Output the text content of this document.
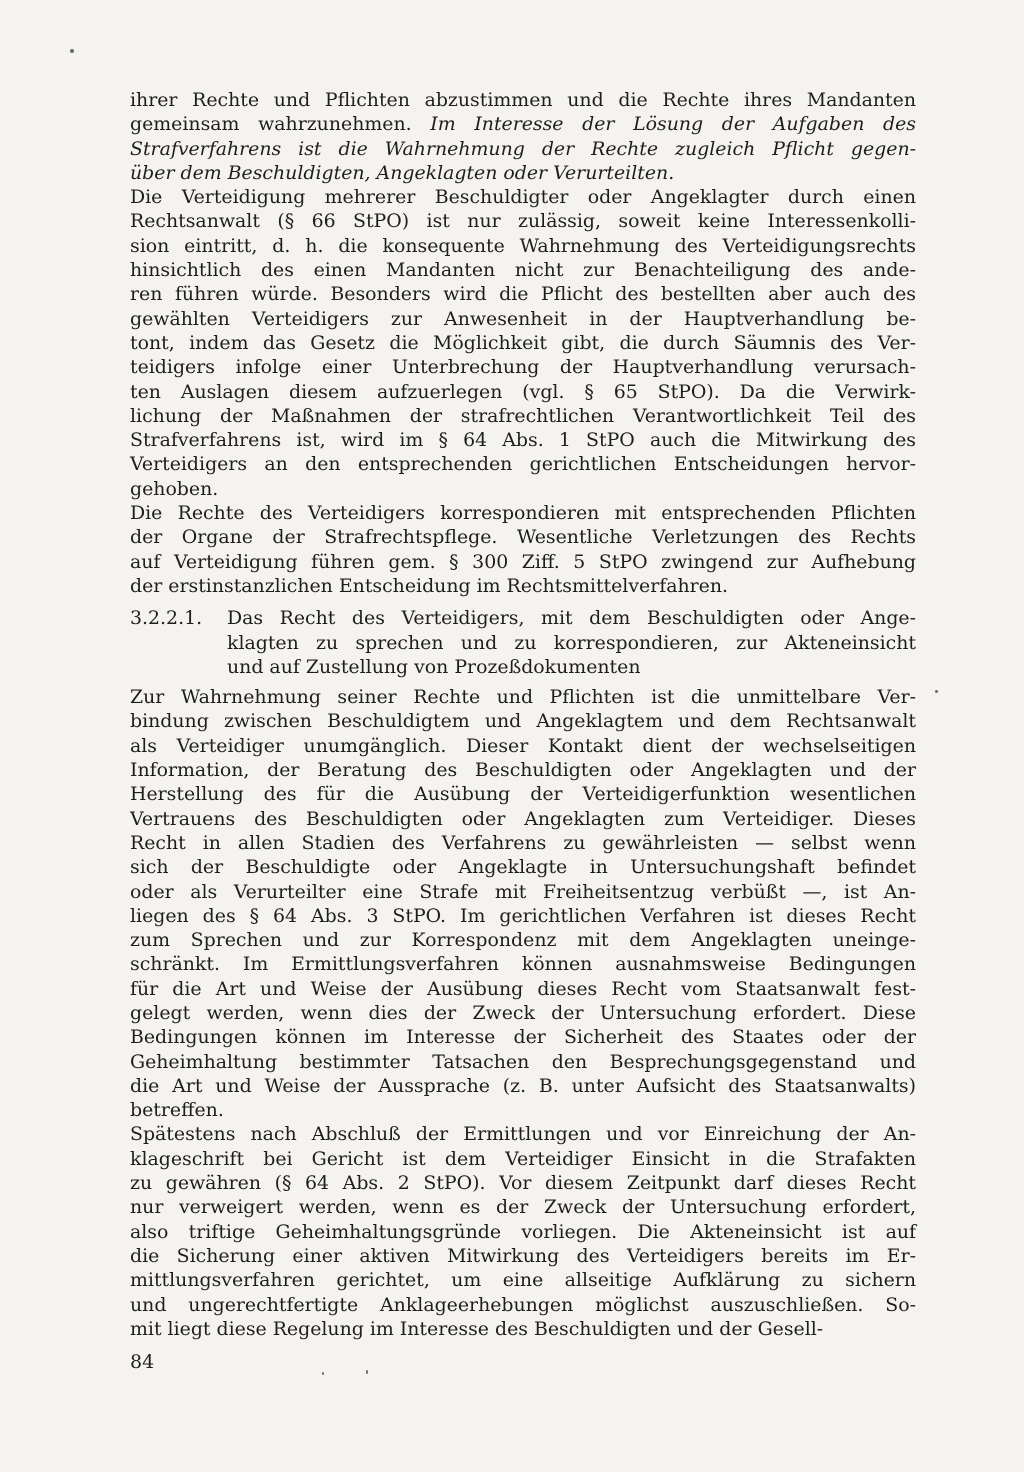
ihrer Rechte und Pflichten abzustimmen und die Rechte ihres Mandanten
gemeinsam wahrzunehmen. Im Interesse der Lösung der Aufgaben des
Strafverfahrens ist die Wahrnehmung der Rechte zugleich Pflicht gegen-
über dem Beschuldigten, Angeklagten oder Verurteilten.
Die Verteidigung mehrerer Beschuldigter oder Angeklagter durch einen
Rechtsanwalt (§ 66 StPO) ist nur zulässig, soweit keine Interessenkolli-
sion eintritt, d. h. die konsequente Wahrnehmung des Verteidigungsrechts
hinsichtlich des einen Mandanten nicht zur Benachteiligung des ande-
ren führen würde. Besonders wird die Pflicht des bestellten aber auch des
gewählten Verteidigers zur Anwesenheit in der Hauptverhandlung be-
tont, indem das Gesetz die Möglichkeit gibt, die durch Säumnis des Ver-
teidigers infolge einer Unterbrechung der Hauptverhandlung verursach-
ten Auslagen diesem aufzuerlegen (vgl. § 65 StPO). Da die Verwirk-
lichung der Maßnahmen der strafrechtlichen Verantwortlichkeit Teil des
Strafverfahrens ist, wird im § 64 Abs. 1 StPO auch die Mitwirkung des
Verteidigers an den entsprechenden gerichtlichen Entscheidungen hervor-
gehoben.
Die Rechte des Verteidigers korrespondieren mit entsprechenden Pflichten
der Organe der Strafrechtspflege. Wesentliche Verletzungen des Rechts
auf Verteidigung führen gem. § 300 Ziff. 5 StPO zwingend zur Aufhebung
der erstinstanzlichen Entscheidung im Rechtsmittelverfahren.
3.2.2.1. Das Recht des Verteidigers, mit dem Beschuldigten oder Ange-
klagten zu sprechen und zu korrespondieren, zur Akteneinsicht
und auf Zustellung von Prozeßdokumenten
Zur Wahrnehmung seiner Rechte und Pflichten ist die unmittelbare Ver-
bindung zwischen Beschuldigtem und Angeklagtem und dem Rechtsanwalt
als Verteidiger unumgänglich. Dieser Kontakt dient der wechselseitigen
Information, der Beratung des Beschuldigten oder Angeklagten und der
Herstellung des für die Ausübung der Verteidigerfunktion wesentlichen
Vertrauens des Beschuldigten oder Angeklagten zum Verteidiger. Dieses
Recht in allen Stadien des Verfahrens zu gewährleisten — selbst wenn
sich der Beschuldigte oder Angeklagte in Untersuchungshaft befindet
oder als Verurteilter eine Strafe mit Freiheitsentzug verbüßt —, ist An-
liegen des § 64 Abs. 3 StPO. Im gerichtlichen Verfahren ist dieses Recht
zum Sprechen und zur Korrespondenz mit dem Angeklagten uneinge-
schränkt. Im Ermittlungsverfahren können ausnahmsweise Bedingungen
für die Art und Weise der Ausübung dieses Recht vom Staatsanwalt fest-
gelegt werden, wenn dies der Zweck der Untersuchung erfordert. Diese
Bedingungen können im Interesse der Sicherheit des Staates oder der
Geheimhaltung bestimmter Tatsachen den Besprechungsgegenstand und
die Art und Weise der Aussprache (z. B. unter Aufsicht des Staatsanwalts)
betreffen.
Spätestens nach Abschluß der Ermittlungen und vor Einreichung der An-
klageschrift bei Gericht ist dem Verteidiger Einsicht in die Strafakten
zu gewähren (§ 64 Abs. 2 StPO). Vor diesem Zeitpunkt darf dieses Recht
nur verweigert werden, wenn es der Zweck der Untersuchung erfordert,
also triftige Geheimhaltungsgründe vorliegen. Die Akteneinsicht ist auf
die Sicherung einer aktiven Mitwirkung des Verteidigers bereits im Er-
mittlungsverfahren gerichtet, um eine allseitige Aufklärung zu sichern
und ungerechtfertigte Anklageerhebungen möglichst auszuschließen. So-
mit liegt diese Regelung im Interesse des Beschuldigten und der Gesell-
84
